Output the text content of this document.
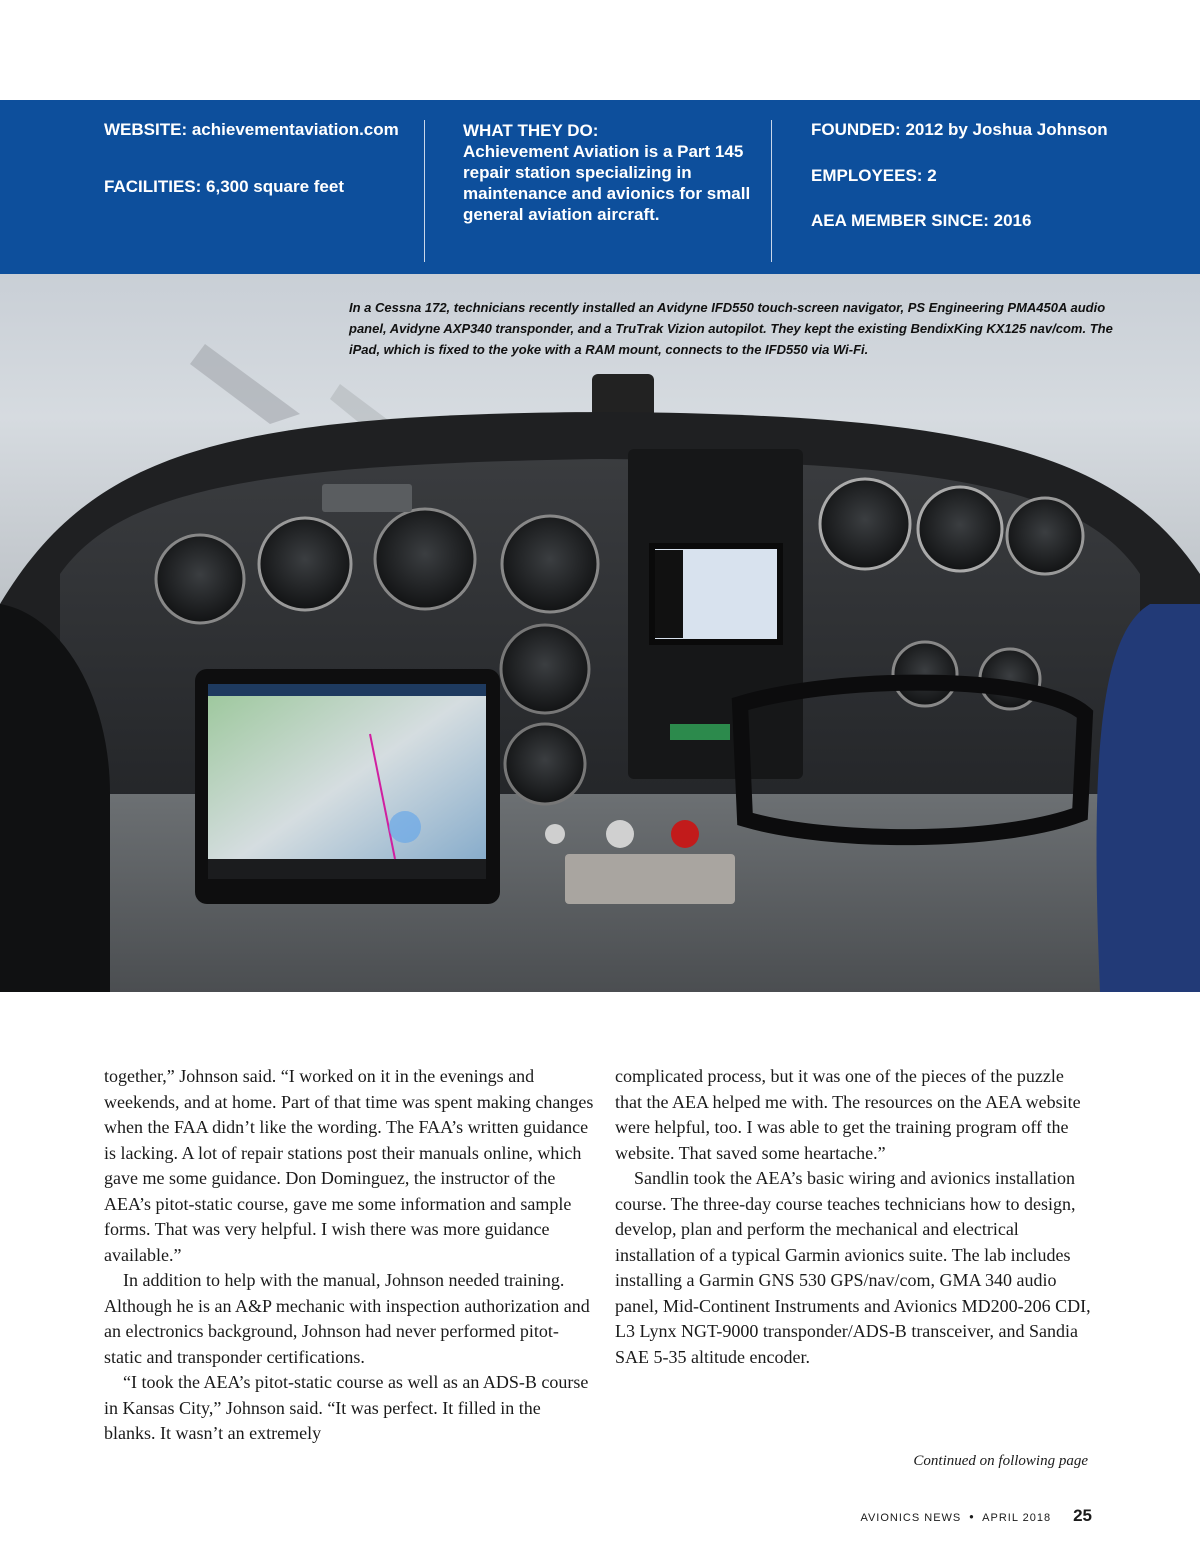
WEBSITE: achievementaviation.com
FACILITIES: 6,300 square feet
WHAT THEY DO:
Achievement Aviation is a Part 145 repair station specializing in maintenance and avionics for small general aviation aircraft.
FOUNDED: 2012 by Joshua Johnson
EMPLOYEES: 2
AEA MEMBER SINCE: 2016
In a Cessna 172, technicians recently installed an Avidyne IFD550 touch-screen navigator, PS Engineering PMA450A audio panel, Avidyne AXP340 transponder, and a TruTrak Vizion autopilot. They kept the existing BendixKing KX125 nav/com. The iPad, which is fixed to the yoke with a RAM mount, connects to the IFD550 via Wi-Fi.

together,” Johnson said. “I worked on it in the evenings and weekends, and at home. Part of that time was spent making changes when the FAA didn’t like the wording. The FAA’s written guidance is lacking. A lot of repair stations post their manuals online, which gave me some guidance. Don Dominguez, the instructor of the AEA’s pitot-static course, gave me some information and sample forms. That was very helpful. I wish there was more guidance available.”

In addition to help with the manual, Johnson needed training. Although he is an A&P mechanic with inspection authorization and an electronics background, Johnson had never performed pitot-static and transponder certifications.

“I took the AEA’s pitot-static course as well as an ADS-B course in Kansas City,” Johnson said. “It was perfect. It filled in the blanks. It wasn’t an extremely

complicated process, but it was one of the pieces of the puzzle that the AEA helped me with. The resources on the AEA website were helpful, too. I was able to get the training program off the website. That saved some heartache.”

Sandlin took the AEA’s basic wiring and avionics installation course. The three-day course teaches technicians how to design, develop, plan and perform the mechanical and electrical installation of a typical Garmin avionics suite. The lab includes installing a Garmin GNS 530 GPS/nav/com, GMA 340 audio panel, Mid-Continent Instruments and Avionics MD200-206 CDI, L3 Lynx NGT-9000 transponder/ADS-B transceiver, and Sandia SAE 5-35 altitude encoder.

Continued on following page
AVIONICS NEWS • APRIL 2018 25
